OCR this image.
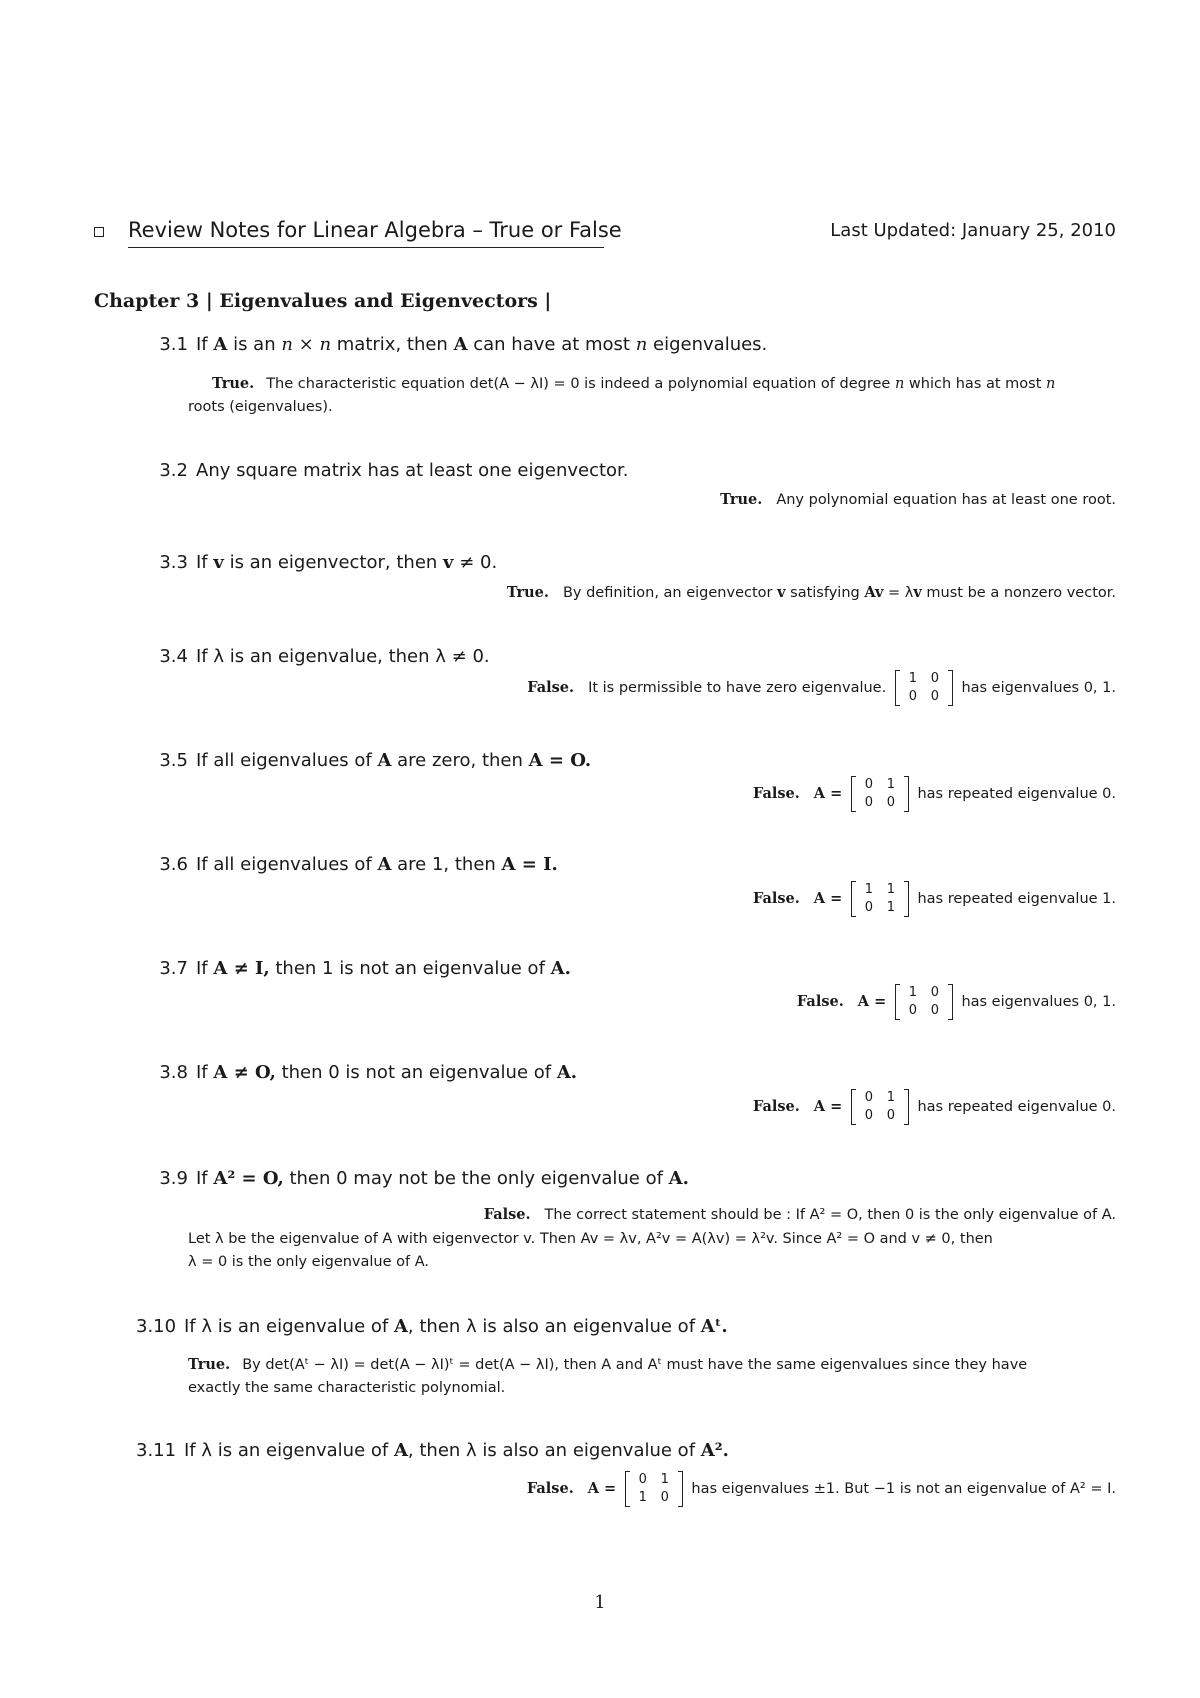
Review Notes for Linear Algebra – True or False	Last Updated: January 25, 2010
Chapter 3 | Eigenvalues and Eigenvectors |
3.1 If A is an n × n matrix, then A can have at most n eigenvalues.
True. The characteristic equation det(A − λI) = 0 is indeed a polynomial equation of degree n which has at most n
roots (eigenvalues).
3.2 Any square matrix has at least one eigenvector.
True. Any polynomial equation has at least one root.
3.3 If v is an eigenvector, then v ≠ 0.
True. By definition, an eigenvector v satisfying Av = λv must be a nonzero vector.
3.4 If λ is an eigenvalue, then λ ≠ 0.
False. It is permissible to have zero eigenvalue.
1	0
0	0
has eigenvalues 0, 1.
3.5 If all eigenvalues of A are zero, then A = O.
False. A =
0	1
0	0
has repeated eigenvalue 0.
3.6 If all eigenvalues of A are 1, then A = I.
False. A =
1	1
0	1
has repeated eigenvalue 1.
3.7 If A ≠ I, then 1 is not an eigenvalue of A.
False. A =
1	0
0	0
has eigenvalues 0, 1.
3.8 If A ≠ O, then 0 is not an eigenvalue of A.
False. A =
0	1
0	0
has repeated eigenvalue 0.
3.9 If A² = O, then 0 may not be the only eigenvalue of A.
False. The correct statement should be : If A² = O, then 0 is the only eigenvalue of A.
Let λ be the eigenvalue of A with eigenvector v. Then Av = λv, A²v = A(λv) = λ²v. Since A² = O and v ≠ 0, then
λ = 0 is the only eigenvalue of A.
3.10 If λ is an eigenvalue of A, then λ is also an eigenvalue of Aᵗ.
True. By det(Aᵗ − λI) = det(A − λI)ᵗ = det(A − λI), then A and Aᵗ must have the same eigenvalues since they have
exactly the same characteristic polynomial.
3.11 If λ is an eigenvalue of A, then λ is also an eigenvalue of A².
False. A =
0	1
1	0
has eigenvalues ±1. But −1 is not an eigenvalue of A² = I.
1
